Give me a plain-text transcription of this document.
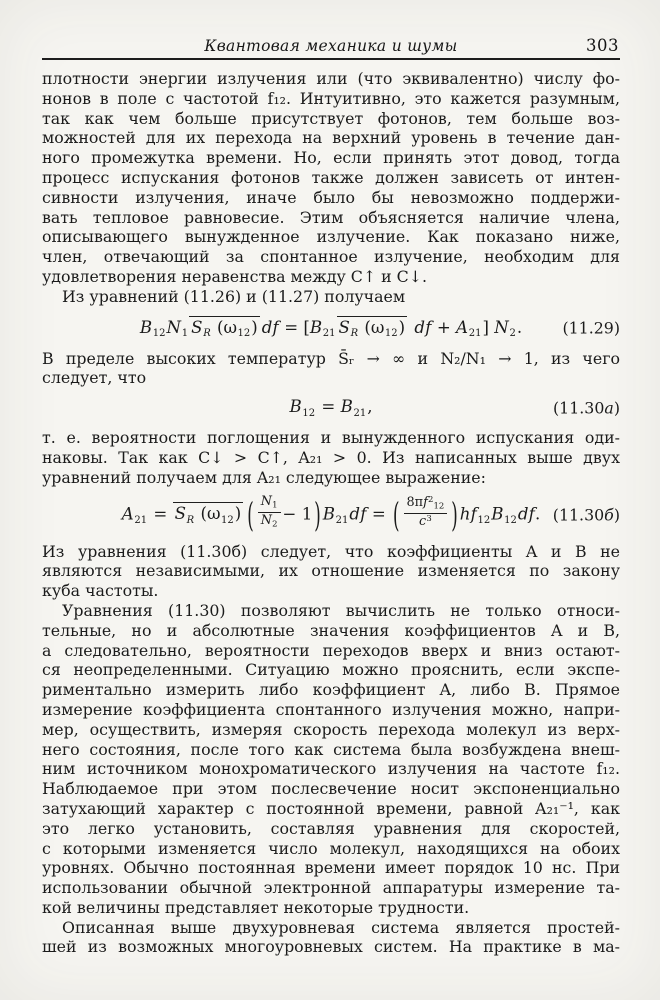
Квантовая механика и шумы	303
плотности энергии излучения или (что эквивалентно) числу фо-
нонов в поле с частотой f₁₂. Интуитивно, это кажется разумным,
так как чем больше присутствует фотонов, тем больше воз-
можностей для их перехода на верхний уровень в течение дан-
ного промежутка времени. Но, если принять этот довод, тогда
процесс испускания фотонов также должен зависеть от интен-
сивности излучения, иначе было бы невозможно поддержи-
вать тепловое равновесие. Этим объясняется наличие члена,
описывающего вынужденное излучение. Как показано ниже,
член, отвечающий за спонтанное излучение, необходим для
удовлетворения неравенства между C↑ и C↓.
Из уравнений (11.26) и (11.27) получаем
$B_{12}N_1$ $S_R$ $(\omega_{12})$ df = [$B_{21}$ $S_R$ $(\omega_{12})$ df + $A_{21}$] $N_2$.	(11.29)
В пределе высоких температур S̄ᵣ → ∞ и N₂/N₁ → 1, из чего
следует, что
$B_{12} = B_{21}$,	(11.30а)
т. е. вероятности поглощения и вынужденного испускания оди-
наковы. Так как C↓ > C↑, A₂₁ > 0. Из написанных выше двух
уравнений получаем для A₂₁ следующее выражение:
$A_{21} = S_R$ $(\omega_{12})$ ( $\frac{N_1}{N_2} - 1$ ) $B_{21}df$ = ( $\frac{8\pi f^2_{12}}{c^3}$ ) $hf_{12}B_{12}df$. (11.30б)
Из уравнения (11.30б) следует, что коэффициенты A и B не
являются независимыми, их отношение изменяется по закону
куба частоты.
Уравнения (11.30) позволяют вычислить не только относи-
тельные, но и абсолютные значения коэффициентов A и B,
а следовательно, вероятности переходов вверх и вниз остают-
ся неопределенными. Ситуацию можно прояснить, если экспе-
риментально измерить либо коэффициент A, либо B. Прямое
измерение коэффициента спонтанного излучения можно, напри-
мер, осуществить, измеряя скорость перехода молекул из верх-
него состояния, после того как система была возбуждена внеш-
ним источником монохроматического излучения на частоте f₁₂.
Наблюдаемое при этом послесвечение носит экспоненциально
затухающий характер с постоянной времени, равной A₂₁⁻¹, как
это легко установить, составляя уравнения для скоростей,
с которыми изменяется число молекул, находящихся на обоих
уровнях. Обычно постоянная времени имеет порядок 10 нс. При
использовании обычной электронной аппаратуры измерение та-
кой величины представляет некоторые трудности.
Описанная выше двухуровневая система является простей-
шей из возможных многоуровневых систем. На практике в ма-
